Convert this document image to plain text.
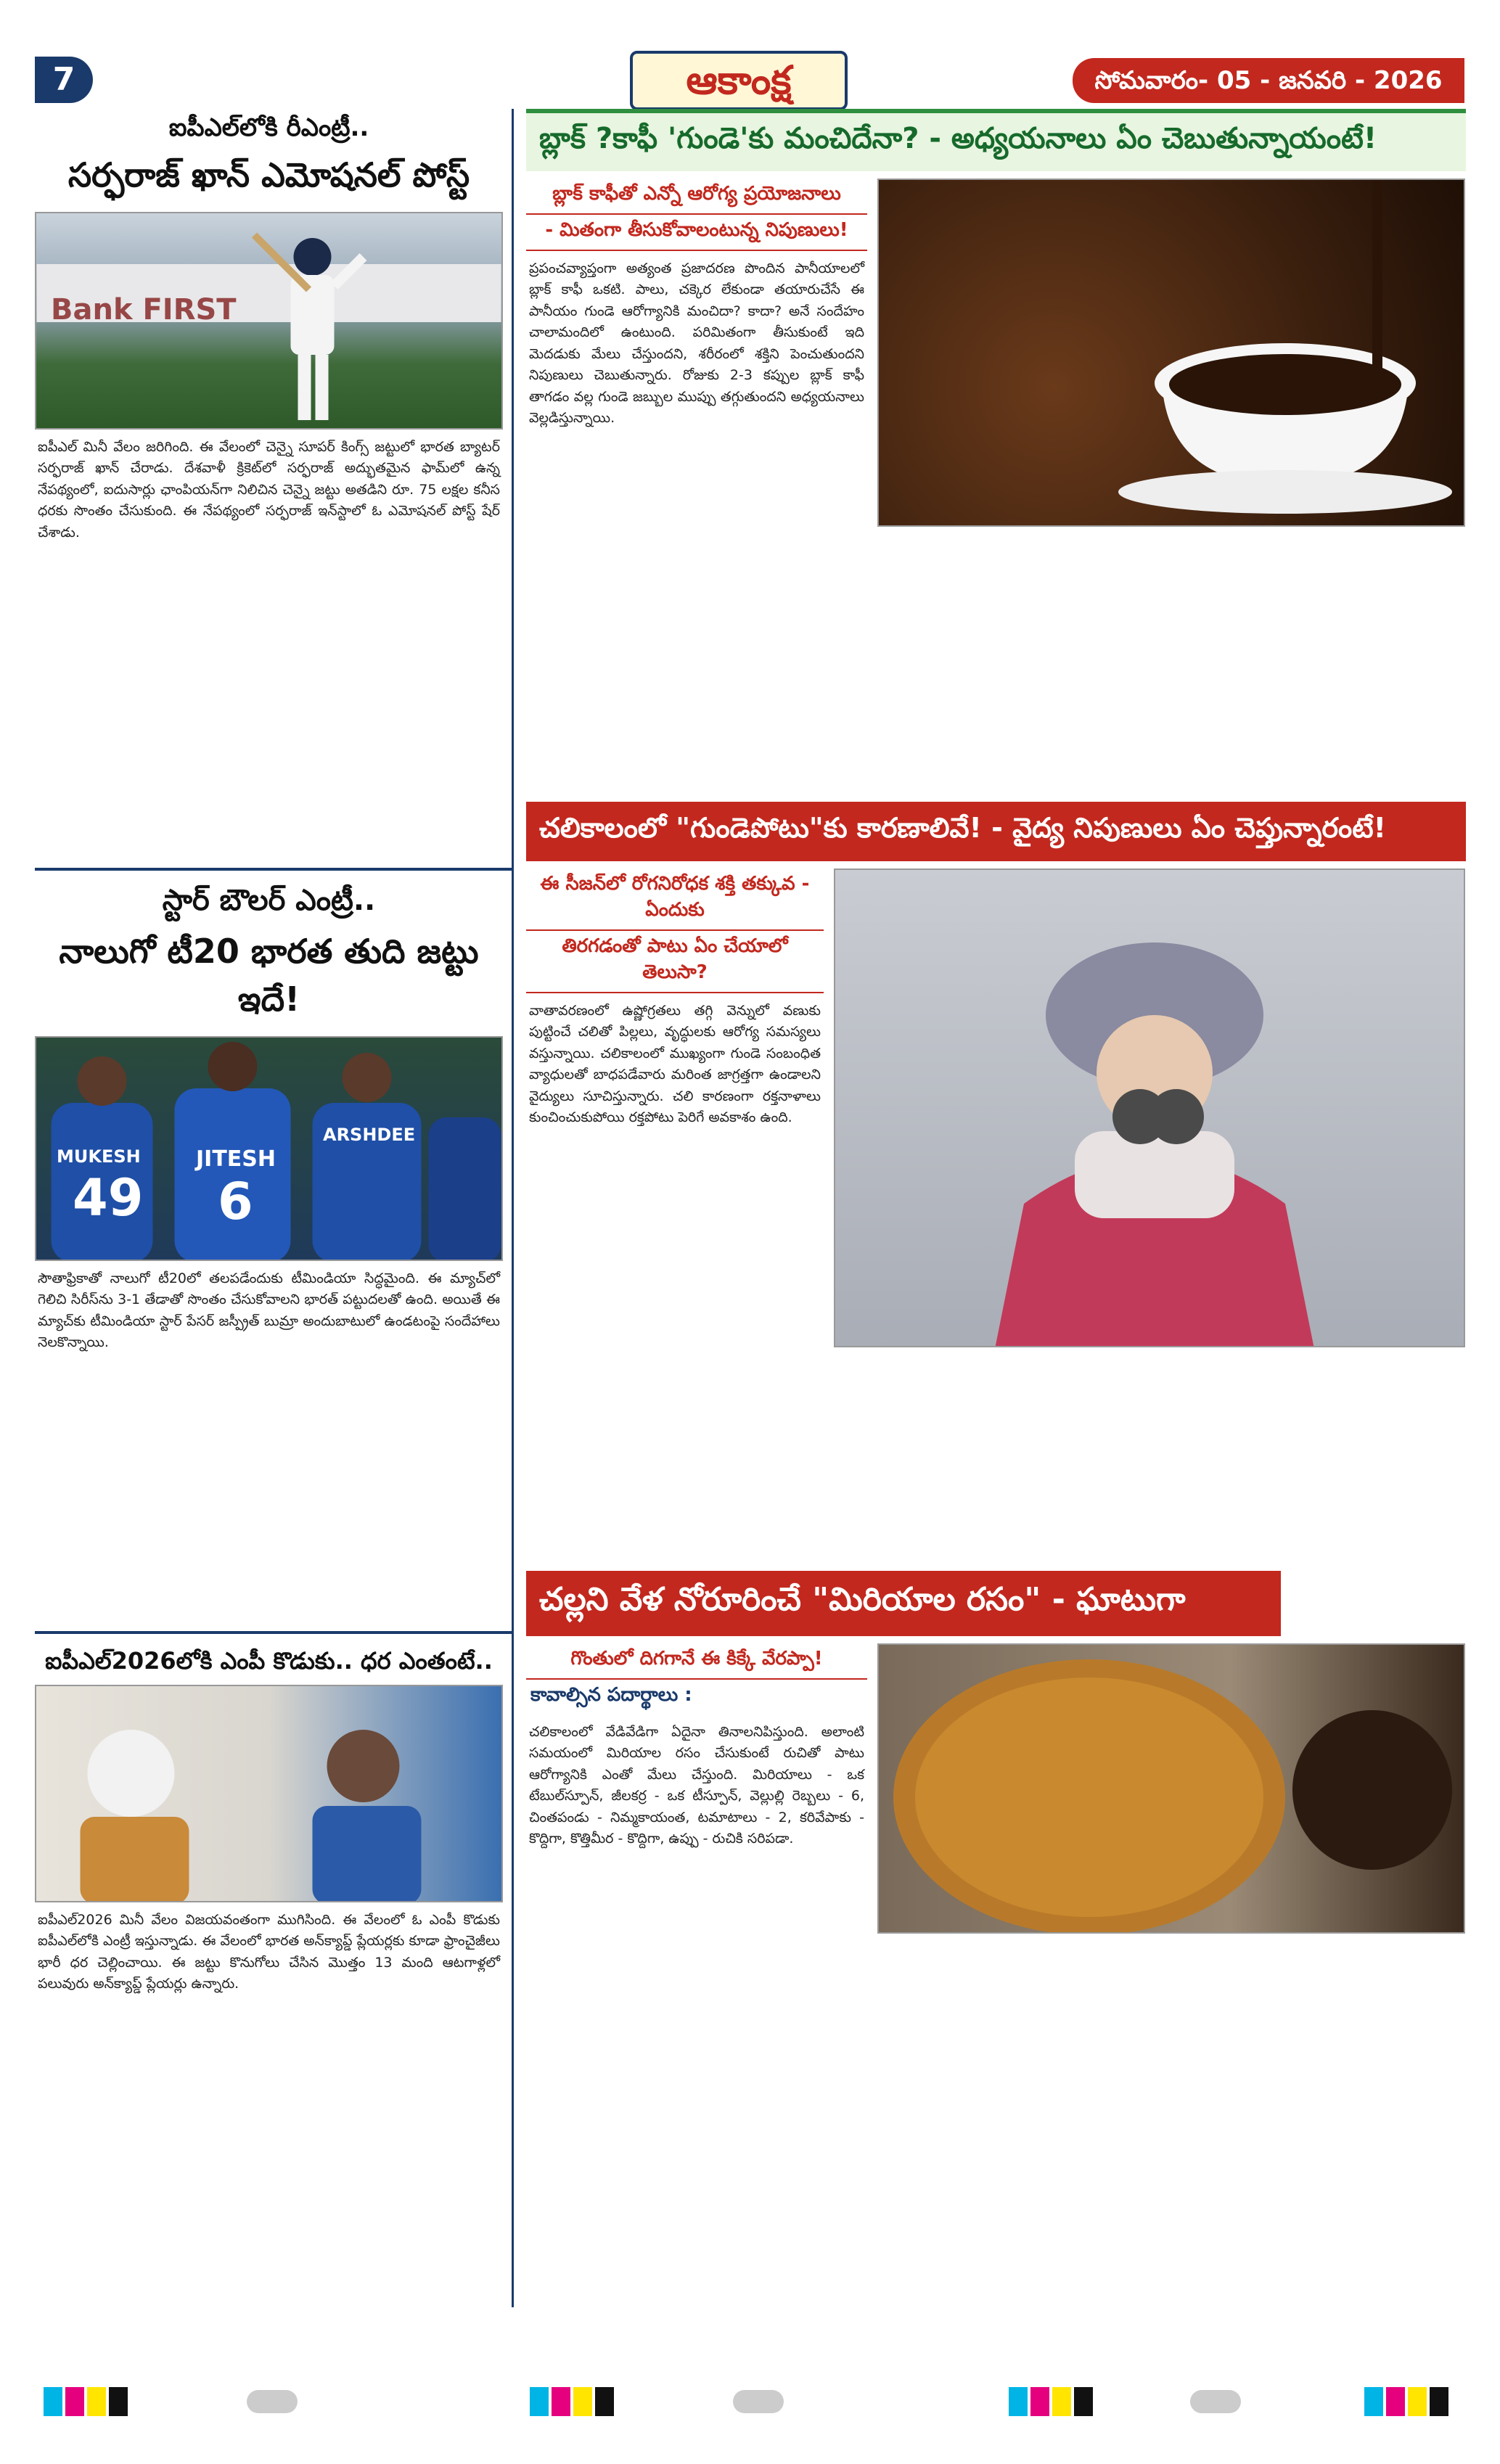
7	ఆకాంక్ష	సోమవారం- 05 - జనవరి - 2026
ఐపీఎల్‌లోకి రీఎంట్రీ..
సర్ఫరాజ్ ఖాన్ ఎమోషనల్ పోస్ట్
Bank FIRST
ఐపీఎల్ మినీ వేలం జరిగింది. ఈ వేలంలో చెన్నై సూపర్ కింగ్స్ జట్టులో భారత బ్యాటర్ సర్ఫరాజ్ ఖాన్ చేరాడు. దేశవాళీ క్రికెట్‌లో సర్ఫరాజ్ అద్భుతమైన ఫామ్‌లో ఉన్న నేపథ్యంలో, ఐదుసార్లు ఛాంపియన్‌గా నిలిచిన చెన్నై జట్టు అతడిని రూ. 75 లక్షల కనీస ధరకు సొంతం చేసుకుంది. ఈ నేపథ్యంలో సర్ఫరాజ్ ఇన్‌స్టాలో ఓ ఎమోషనల్ పోస్ట్ షేర్ చేశాడు.
స్టార్ బౌలర్ ఎంట్రీ..
నాలుగో టీ20 భారత తుది జట్టు ఇదే!
MUKESH
49
JITESH
6
ARSHDEE
సౌతాఫ్రికాతో నాలుగో టీ20లో తలపడేందుకు టీమిండియా సిద్ధమైంది. ఈ మ్యాచ్‌లో గెలిచి సిరీస్‌ను 3-1 తేడాతో సొంతం చేసుకోవాలని భారత్ పట్టుదలతో ఉంది. అయితే ఈ మ్యాచ్‌కు టీమిండియా స్టార్ పేసర్ జస్ప్రీత్ బుమ్రా అందుబాటులో ఉండటంపై సందేహాలు నెలకొన్నాయి.
ఐపీఎల్2026లోకి ఎంపీ కొడుకు.. ధర ఎంతంటే..
ఐపీఎల్2026 మినీ వేలం విజయవంతంగా ముగిసింది. ఈ వేలంలో ఓ ఎంపీ కొడుకు ఐపీఎల్‌లోకి ఎంట్రీ ఇస్తున్నాడు. ఈ వేలంలో భారత అన్‌క్యాప్డ్ ప్లేయర్లకు కూడా ఫ్రాంచైజీలు భారీ ధర చెల్లించాయి. ఈ జట్టు కొనుగోలు చేసిన మొత్తం 13 మంది ఆటగాళ్లలో పలువురు అన్‌క్యాప్డ్ ప్లేయర్లు ఉన్నారు.
బ్లాక్ ?కాఫీ 'గుండె'కు మంచిదేనా? - అధ్యయనాలు ఏం చెబుతున్నాయంటే!
బ్లాక్ కాఫీతో ఎన్నో ఆరోగ్య ప్రయోజనాలు
- మితంగా తీసుకోవాలంటున్న నిపుణులు!
ప్రపంచవ్యాప్తంగా అత్యంత ప్రజాదరణ పొందిన పానీయాలలో బ్లాక్ కాఫీ ఒకటి. పాలు, చక్కెర లేకుండా తయారుచేసే ఈ పానీయం గుండె ఆరోగ్యానికి మంచిదా? కాదా? అనే సందేహం చాలామందిలో ఉంటుంది. పరిమితంగా తీసుకుంటే ఇది మెదడుకు మేలు చేస్తుందని, శరీరంలో శక్తిని పెంచుతుందని నిపుణులు చెబుతున్నారు. రోజుకు 2-3 కప్పుల బ్లాక్ కాఫీ తాగడం వల్ల గుండె జబ్బుల ముప్పు తగ్గుతుందని అధ్యయనాలు వెల్లడిస్తున్నాయి.
చలికాలంలో "గుండెపోటు"కు కారణాలివే! - వైద్య నిపుణులు ఏం చెప్తున్నారంటే!
ఈ సీజన్‌లో రోగనిరోధక శక్తి తక్కువ - ఏందుకు
తిరగడంతో పాటు ఏం చేయాలో తెలుసా?
వాతావరణంలో ఉష్ణోగ్రతలు తగ్గి వెన్నులో వణుకు పుట్టించే చలితో పిల్లలు, వృద్ధులకు ఆరోగ్య సమస్యలు వస్తున్నాయి. చలికాలంలో ముఖ్యంగా గుండె సంబంధిత వ్యాధులతో బాధపడేవారు మరింత జాగ్రత్తగా ఉండాలని వైద్యులు సూచిస్తున్నారు. చలి కారణంగా రక్తనాళాలు కుంచించుకుపోయి రక్తపోటు పెరిగే అవకాశం ఉంది.
చల్లని వేళ నోరూరించే "మిరియాల రసం" - ఘాటుగా
గొంతులో దిగగానే ఈ కిక్కే వేరప్పా!
కావాల్సిన పదార్థాలు :
చలికాలంలో వేడివేడిగా ఏదైనా తినాలనిపిస్తుంది. అలాంటి సమయంలో మిరియాల రసం చేసుకుంటే రుచితో పాటు ఆరోగ్యానికి ఎంతో మేలు చేస్తుంది. మిరియాలు - ఒక టేబుల్‌స్పూన్, జీలకర్ర - ఒక టీస్పూన్, వెల్లుల్లి రెబ్బలు - 6, చింతపండు - నిమ్మకాయంత, టమాటాలు - 2, కరివేపాకు - కొద్దిగా, కొత్తిమీర - కొద్దిగా, ఉప్పు - రుచికి సరిపడా.
